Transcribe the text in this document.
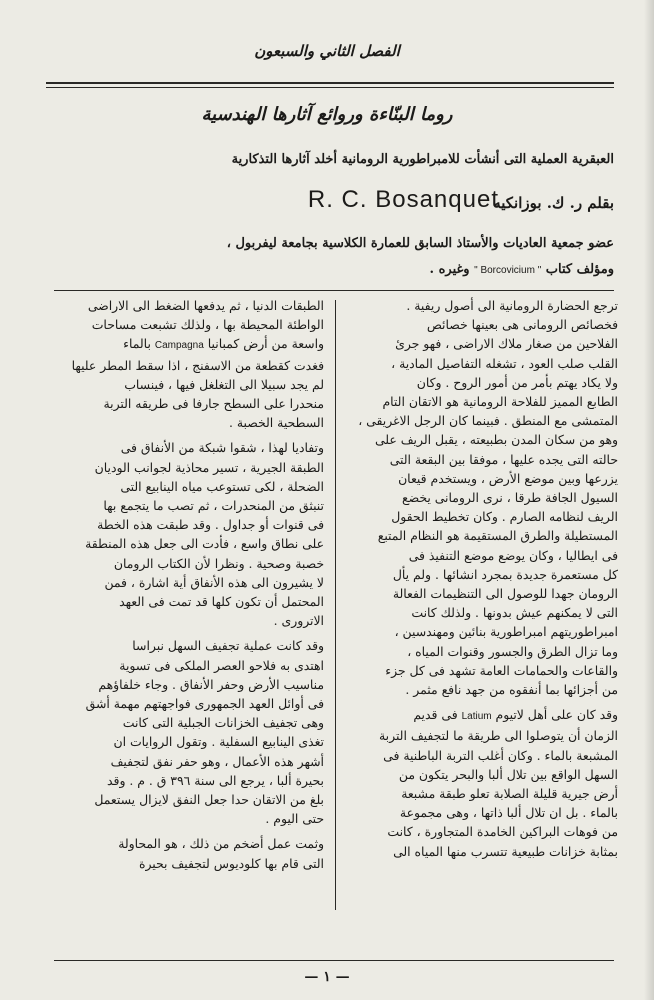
الفصل الثاني والسبعون
روما البنّاءة وروائع آثارها الهندسية
العبقرية العملية التى أنشأت للامبراطورية الرومانية أخلد آثارها التذكارية
بقلم ر. ك. بوزانكيه
R. C. Bosanquet
عضو جمعية العاديات والأستاذ السابق للعمارة الكلاسية بجامعة ليفربول ،
ومؤلف كتاب " Borcovicium " وغيره .

ترجع الحضارة الرومانية الى أصول ريفية .
فخصائص الرومانى هى بعينها خصائص
الفلاحين من صغار ملاك الاراضى ، فهو جرئ
القلب صلب العود ، تشغله التفاصيل المادية ،
ولا يكاد يهتم بأمر من أمور الروح . وكان
الطابع المميز للفلاحة الرومانية هو الاتقان التام
المتمشى مع المنطق . فبينما كان الرجل الاغريقى ،
وهو من سكان المدن بطبيعته ، يقبل الريف على
حالته التى يجده عليها ، موفقا بين البقعة التى
يزرعها وبين موضع الأرض ، ويستخدم قيعان
السيول الجافة طرقا ، نرى الرومانى يخضع
الريف لنظامه الصارم . وكان تخطيط الحقول
المستطيلة والطرق المستقيمة هو النظام المتبع
فى ايطاليا ، وكان يوضع موضع التنفيذ فى
كل مستعمرة جديدة بمجرد انشائها . ولم يأل
الرومان جهدا للوصول الى التنظيمات الفعالة
التى لا يمكنهم عيش بدونها . ولذلك كانت
امبراطوريتهم امبراطورية بنائين ومهندسين ،
وما تزال الطرق والجسور وقنوات المياه ،
والقاعات والحمامات العامة تشهد فى كل جزء
من أجزائها بما أنفقوه من جهد نافع مثمر .

وقد كان على أهل لاتيوم Latium فى قديم
الزمان أن يتوصلوا الى طريقة ما لتجفيف التربة
المشبعة بالماء . وكان أغلب التربة الباطنية فى
السهل الواقع بين تلال ألبا والبحر يتكون من
أرض جيرية قليلة الصلابة تعلو طبقة مشبعة
بالماء . بل ان تلال ألبا ذاتها ، وهى مجموعة
من فوهات البراكين الخامدة المتجاورة ، كانت
بمثابة خزانات طبيعية تتسرب منها المياه الى

الطبقات الدنيا ، ثم يدفعها الضغط الى الاراضى
الواطئة المحيطة بها ، ولذلك تشبعت مساحات
واسعة من أرض كمبانيا Campagna بالماء
فغدت كقطعة من الاسفنج ، اذا سقط المطر عليها
لم يجد سبيلا الى التغلغل فيها ، فينساب
منحدرا على السطح جارفا فى طريقه التربة
السطحية الخصبة .

وتفاديا لهذا ، شقوا شبكة من الأنفاق فى
الطبقة الجيرية ، تسير محاذية لجوانب الوديان
الضحلة ، لكى تستوعب مياه الينابيع التى
تنبثق من المنحدرات ، ثم تصب ما يتجمع بها
فى قنوات أو جداول . وقد طبقت هذه الخطة
على نطاق واسع ، فأدت الى جعل هذه المنطقة
خصبة وصحية . ونظرا لأن الكتاب الرومان
لا يشيرون الى هذه الأنفاق أية اشارة ، فمن
المحتمل أن تكون كلها قد تمت فى العهد
الاترورى .

وقد كانت عملية تجفيف السهل نبراسا
اهتدى به فلاحو العصر الملكى فى تسوية
مناسيب الأرض وحفر الأنفاق . وجاء خلفاؤهم
فى أوائل العهد الجمهورى فواجهتهم مهمة أشق
وهى تجفيف الخزانات الجبلية التى كانت
تغذى الينابيع السفلية . وتقول الروايات ان
أشهر هذه الأعمال ، وهو حفر نفق لتجفيف
بحيرة ألبا ، يرجع الى سنة ٣٩٦ ق . م . وقد
بلغ من الاتقان حدا جعل النفق لايزال يستعمل
حتى اليوم .

وثمت عمل أضخم من ذلك ، هو المحاولة
التى قام بها كلوديوس لتجفيف بحيرة

— ١ —
